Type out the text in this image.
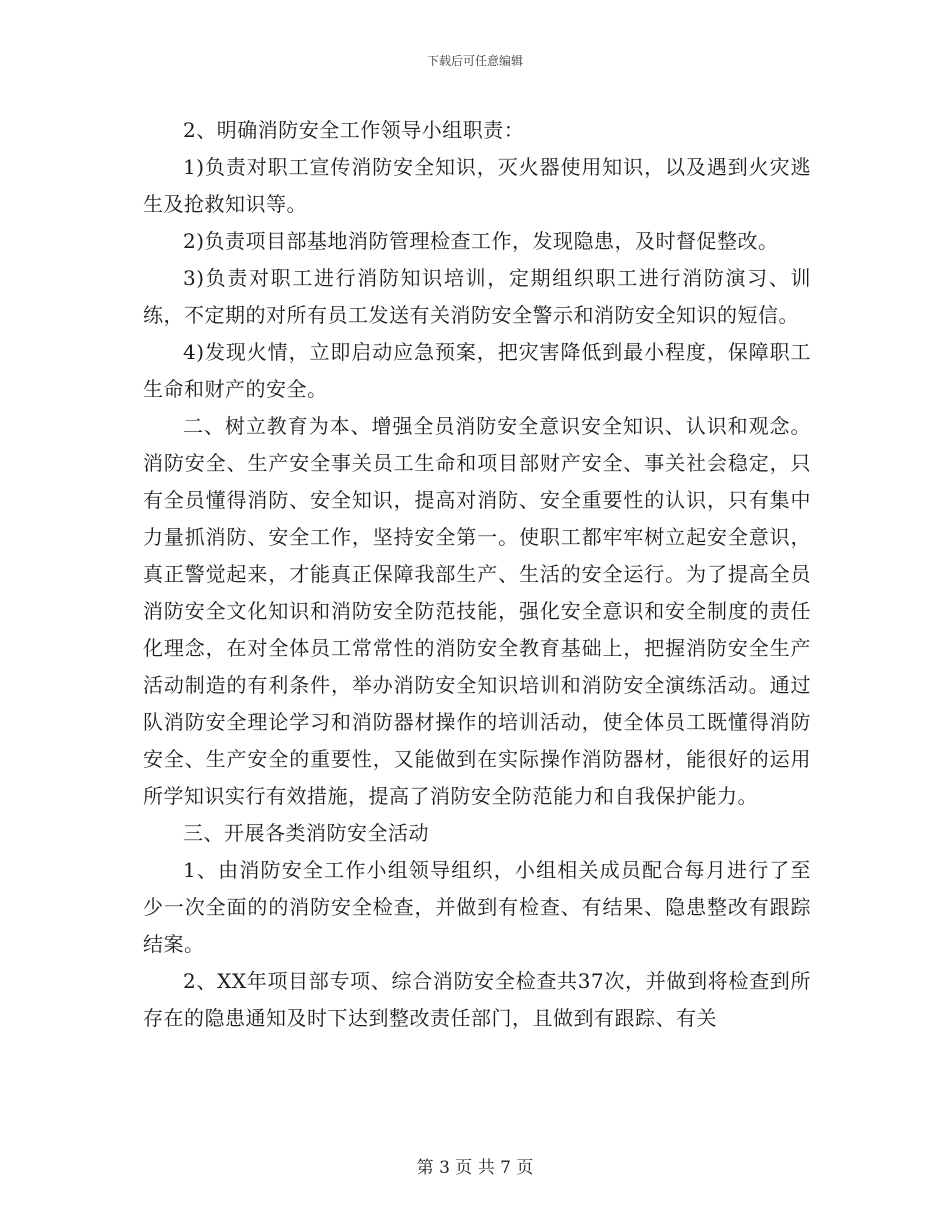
下载后可任意编辑

2、明确消防安全工作领导小组职责：

1)负责对职工宣传消防安全知识，灭火器使用知识，以及遇到火灾逃生及抢救知识等。

2)负责项目部基地消防管理检查工作，发现隐患，及时督促整改。

3)负责对职工进行消防知识培训，定期组织职工进行消防演习、训练，不定期的对所有员工发送有关消防安全警示和消防安全知识的短信。

4)发现火情，立即启动应急预案，把灾害降低到最小程度，保障职工生命和财产的安全。

二、树立教育为本、增强全员消防安全意识安全知识、认识和观念。消防安全、生产安全事关员工生命和项目部财产安全、事关社会稳定，只有全员懂得消防、安全知识，提高对消防、安全重要性的认识，只有集中力量抓消防、安全工作，坚持安全第一。使职工都牢牢树立起安全意识，真正警觉起来，才能真正保障我部生产、生活的安全运行。为了提高全员消防安全文化知识和消防安全防范技能，强化安全意识和安全制度的责任化理念，在对全体员工常常性的消防安全教育基础上，把握消防安全生产活动制造的有利条件，举办消防安全知识培训和消防安全演练活动。通过队消防安全理论学习和消防器材操作的培训活动，使全体员工既懂得消防安全、生产安全的重要性，又能做到在实际操作消防器材，能很好的运用所学知识实行有效措施，提高了消防安全防范能力和自我保护能力。

三、开展各类消防安全活动

1、由消防安全工作小组领导组织，小组相关成员配合每月进行了至少一次全面的的消防安全检查，并做到有检查、有结果、隐患整改有跟踪结案。

2、XX年项目部专项、综合消防安全检查共37次，并做到将检查到所存在的隐患通知及时下达到整改责任部门，且做到有跟踪、有关

第 3 页 共 7 页
